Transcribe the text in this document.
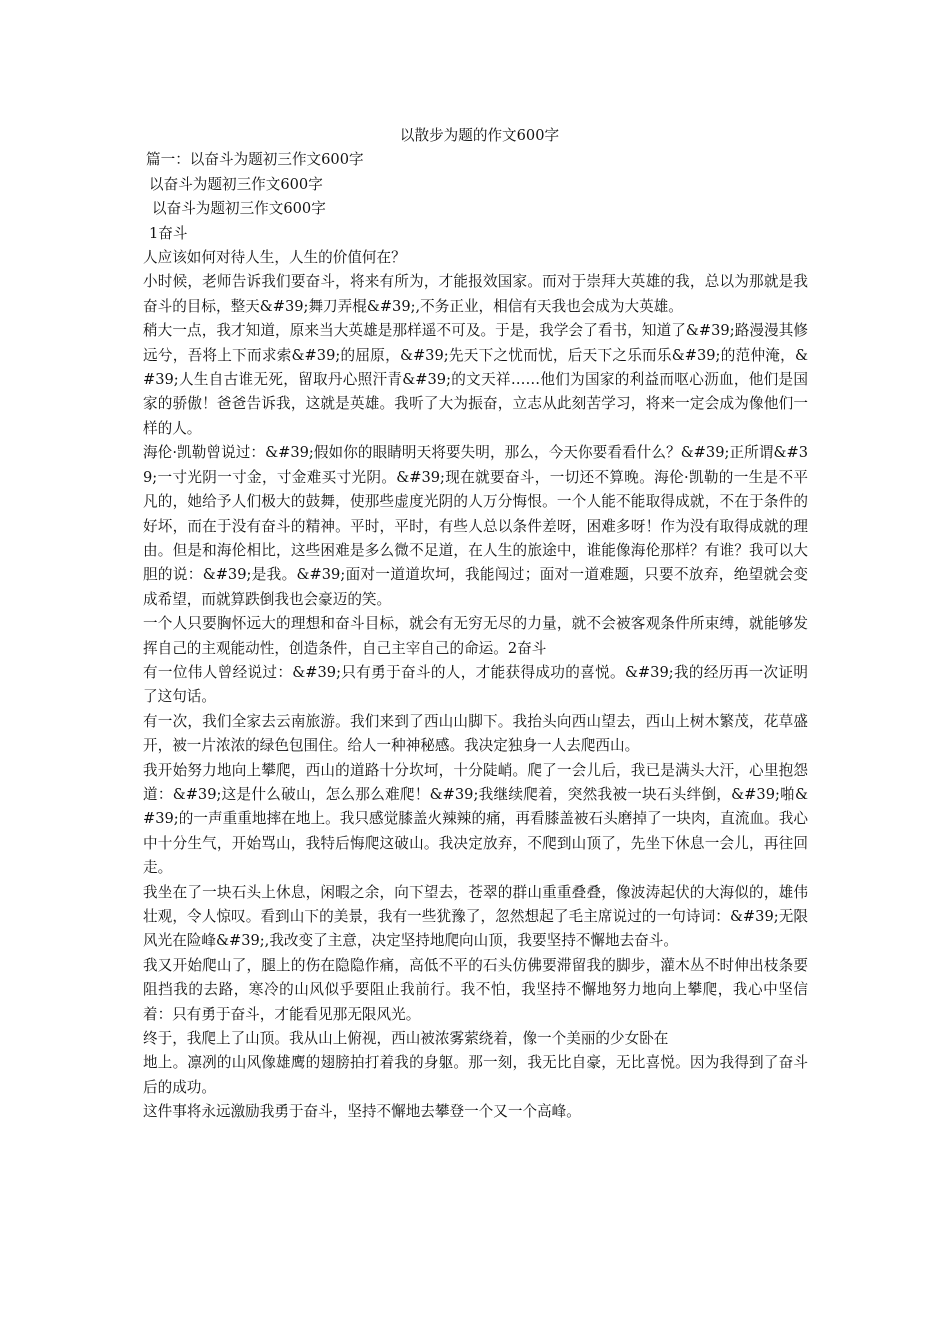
以散步为题的作文600字

篇一：以奋斗为题初三作文600字

以奋斗为题初三作文600字

以奋斗为题初三作文600字

1奋斗

人应该如何对待人生，人生的价值何在？

小时候，老师告诉我们要奋斗，将来有所为，才能报效国家。而对于崇拜大英雄的我，总以为那就是我奋斗的目标，整天&#39;舞刀弄棍&#39;,不务正业，相信有天我也会成为大英雄。

稍大一点，我才知道，原来当大英雄是那样遥不可及。于是，我学会了看书，知道了&#39;路漫漫其修远兮，吾将上下而求索&#39;的屈原，&#39;先天下之忧而忧，后天下之乐而乐&#39;的范仲淹，&#39;人生自古谁无死，留取丹心照汗青&#39;的文天祥……他们为国家的利益而呕心沥血，他们是国家的骄傲！爸爸告诉我，这就是英雄。我听了大为振奋，立志从此刻苦学习，将来一定会成为像他们一样的人。

海伦·凯勒曾说过：&#39;假如你的眼睛明天将要失明，那么，今天你要看看什么？&#39;正所谓&#39;一寸光阴一寸金，寸金难买寸光阴。&#39;现在就要奋斗，一切还不算晚。海伦·凯勒的一生是不平凡的，她给予人们极大的鼓舞，使那些虚度光阴的人万分悔恨。一个人能不能取得成就，不在于条件的好坏，而在于没有奋斗的精神。平时，平时，有些人总以条件差呀，困难多呀！作为没有取得成就的理由。但是和海伦相比，这些困难是多么微不足道，在人生的旅途中，谁能像海伦那样？有谁？我可以大胆的说：&#39;是我。&#39;面对一道道坎坷，我能闯过；面对一道难题，只要不放弃，绝望就会变成希望，而就算跌倒我也会豪迈的笑。

一个人只要胸怀远大的理想和奋斗目标，就会有无穷无尽的力量，就不会被客观条件所束缚，就能够发挥自己的主观能动性，创造条件，自己主宰自己的命运。2奋斗

有一位伟人曾经说过：&#39;只有勇于奋斗的人，才能获得成功的喜悦。&#39;我的经历再一次证明了这句话。

有一次，我们全家去云南旅游。我们来到了西山山脚下。我抬头向西山望去，西山上树木繁茂，花草盛开，被一片浓浓的绿色包围住。给人一种神秘感。我决定独身一人去爬西山。

我开始努力地向上攀爬，西山的道路十分坎坷，十分陡峭。爬了一会儿后，我已是满头大汗，心里抱怨道：&#39;这是什么破山，怎么那么难爬！&#39;我继续爬着，突然我被一块石头绊倒，&#39;啪&#39;的一声重重地摔在地上。我只感觉膝盖火辣辣的痛，再看膝盖被石头磨掉了一块肉，直流血。我心中十分生气，开始骂山，我特后悔爬这破山。我决定放弃，不爬到山顶了，先坐下休息一会儿，再往回走。

我坐在了一块石头上休息，闲暇之余，向下望去，苍翠的群山重重叠叠，像波涛起伏的大海似的，雄伟壮观，令人惊叹。看到山下的美景，我有一些犹豫了，忽然想起了毛主席说过的一句诗词：&#39;无限风光在险峰&#39;,我改变了主意，决定坚持地爬向山顶，我要坚持不懈地去奋斗。

我又开始爬山了，腿上的伤在隐隐作痛，高低不平的石头仿佛要滞留我的脚步，灌木丛不时伸出枝条要阻挡我的去路，寒冷的山风似乎要阻止我前行。我不怕，我坚持不懈地努力地向上攀爬，我心中坚信着：只有勇于奋斗，才能看见那无限风光。

终于，我爬上了山顶。我从山上俯视，西山被浓雾萦绕着，像一个美丽的少女卧在

地上。凛冽的山风像雄鹰的翅膀拍打着我的身躯。那一刻，我无比自豪，无比喜悦。因为我得到了奋斗后的成功。

这件事将永远激励我勇于奋斗，坚持不懈地去攀登一个又一个高峰。
